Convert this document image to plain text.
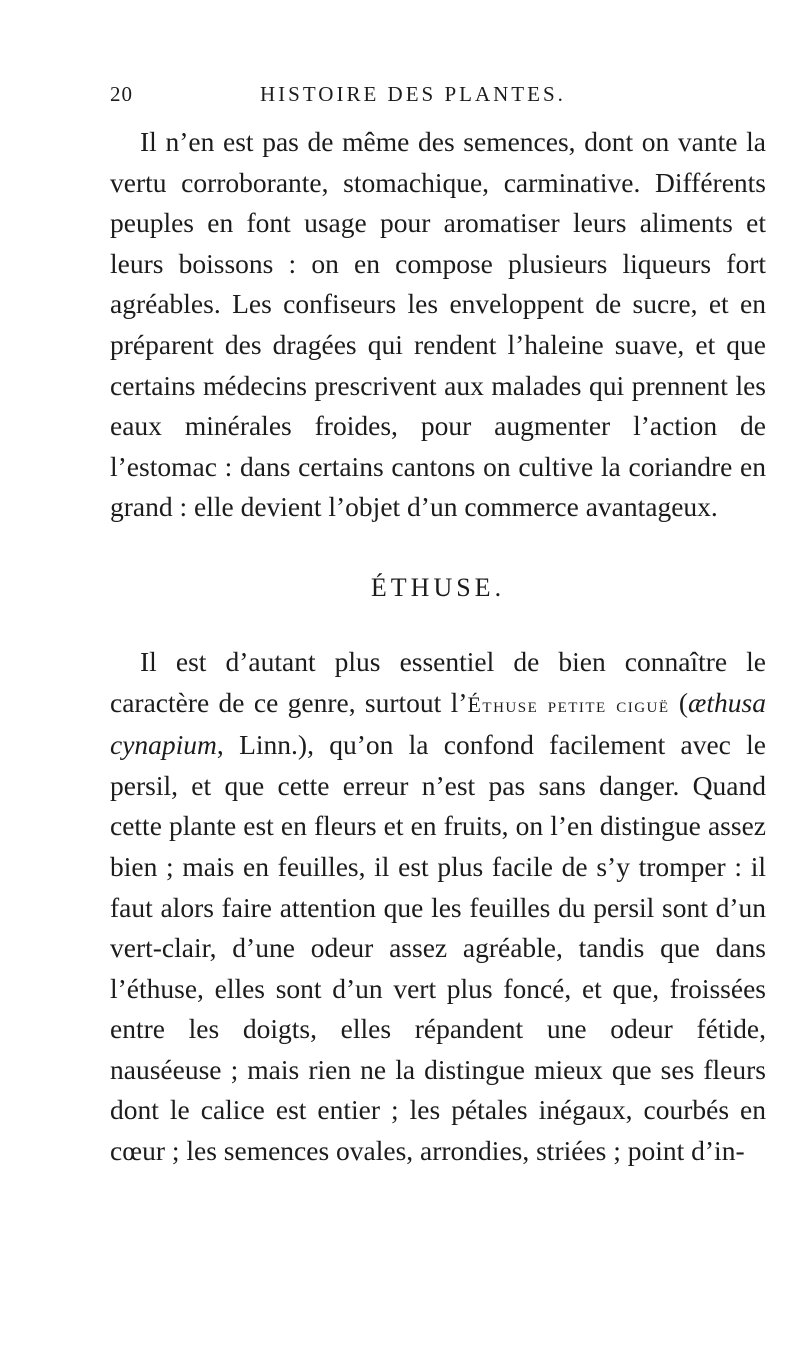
20	HISTOIRE DES PLANTES.

Il n’en est pas de même des semences, dont on vante la vertu corroborante, stomachique, carminative. Différents peuples en font usage pour aromatiser leurs aliments et leurs boissons : on en compose plusieurs liqueurs fort agréables. Les confiseurs les enveloppent de sucre, et en préparent des dragées qui rendent l’haleine suave, et que certains médecins prescrivent aux malades qui prennent les eaux minérales froides, pour augmenter l’action de l’estomac : dans certains cantons on cultive la coriandre en grand : elle devient l’objet d’un commerce avantageux.

ÉTHUSE.

Il est d’autant plus essentiel de bien connaître le caractère de ce genre, surtout l’Éthuse petite ciguë (æthusa cynapium, Linn.), qu’on la confond facilement avec le persil, et que cette erreur n’est pas sans danger. Quand cette plante est en fleurs et en fruits, on l’en distingue assez bien ; mais en feuilles, il est plus facile de s’y tromper : il faut alors faire attention que les feuilles du persil sont d’un vert-clair, d’une odeur assez agréable, tandis que dans l’éthuse, elles sont d’un vert plus foncé, et que, froissées entre les doigts, elles répandent une odeur fétide, nauséeuse ; mais rien ne la distingue mieux que ses fleurs dont le calice est entier ; les pétales inégaux, courbés en cœur ; les semences ovales, arrondies, striées ; point d’in-
